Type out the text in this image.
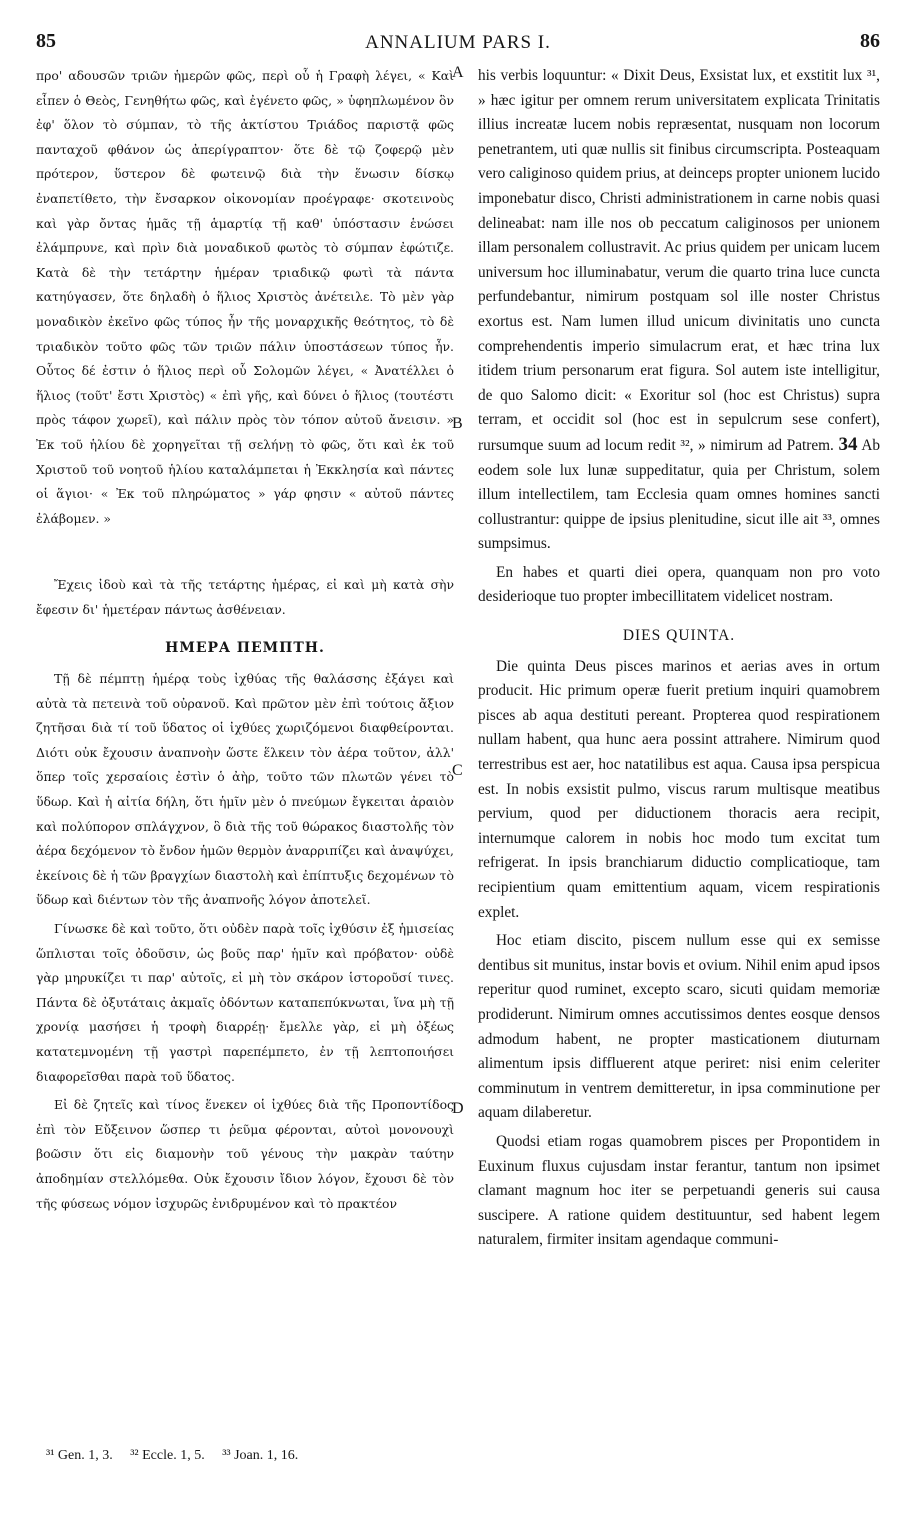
85	ANNALIUM PARS I.	86

προ' αδουσῶν τριῶν ἡμερῶν φῶς, περὶ οὗ ἡ Γραφὴ λέγει, « Καὶ εἶπεν ὁ Θεὸς, Γενηθήτω φῶς, καὶ ἐγένετο φῶς, » ὑφηπλωμένον ὃν ἐφ' ὅλον τὸ σύμπαν, τὸ τῆς ἀκτίστου Τριάδος παριστᾷ φῶς πανταχοῦ φθάνον ὡς ἀπερίγραπτον· ὅτε δὲ τῷ ζοφερῷ μὲν πρότερον, ὕστερον δὲ φωτεινῷ διὰ τὴν ἕνωσιν δίσκῳ ἐναπετίθετο, τὴν ἔνσαρκον οἰκονομίαν προέγραφε· σκοτεινοὺς καὶ γὰρ ὄντας ἡμᾶς τῇ ἁμαρτίᾳ τῇ καθ' ὑπόστασιν ἑνώσει ἐλάμπρυνε, καὶ πρὶν διὰ μοναδικοῦ φωτὸς τὸ σύμπαν ἐφώτιζε. Κατὰ δὲ τὴν τετάρτην ἡμέραν τριαδικῷ φωτὶ τὰ πάντα κατηύγασεν, ὅτε δηλαδὴ ὁ ἥλιος Χριστὸς ἀνέτειλε. Τὸ μὲν γὰρ μοναδικὸν ἐκεῖνο φῶς τύπος ἦν τῆς μοναρχικῆς θεότητος, τὸ δὲ τριαδικὸν τοῦτο φῶς τῶν τριῶν πάλιν ὑποστάσεων τύπος ἦν. Οὗτος δέ ἐστιν ὁ ἥλιος περὶ οὗ Σολομῶν λέγει, « Ἀνατέλλει ὁ ἥλιος (τοῦτ' ἔστι Χριστὸς) « ἐπὶ γῆς, καὶ δύνει ὁ ἥλιος (τουτέστι πρὸς τάφον χωρεῖ), καὶ πάλιν πρὸς τὸν τόπον αὐτοῦ ἄνεισιν. » Ἐκ τοῦ ἡλίου δὲ χορηγεῖται τῇ σελήνῃ τὸ φῶς, ὅτι καὶ ἐκ τοῦ Χριστοῦ τοῦ νοητοῦ ἡλίου καταλάμπεται ἡ Ἐκκλησία καὶ πάντες οἱ ἅγιοι· « Ἐκ τοῦ πληρώματος » γάρ φησιν « αὐτοῦ πάντες ἐλάβομεν. »

Ἔχεις ἰδοὺ καὶ τὰ τῆς τετάρτης ἡμέρας, εἰ καὶ μὴ κατὰ σὴν ἔφεσιν δι' ἡμετέραν πάντως ἀσθένειαν.

ΗΜΕΡΑ ΠΕΜΠΤΗ.

Τῇ δὲ πέμπτῃ ἡμέρᾳ τοὺς ἰχθύας τῆς θαλάσσης ἐξάγει καὶ αὐτὰ τὰ πετεινὰ τοῦ οὐρανοῦ. Καὶ πρῶτον μὲν ἐπὶ τούτοις ἄξιον ζητῆσαι διὰ τί τοῦ ὕδατος οἱ ἰχθύες χωριζόμενοι διαφθείρονται. Διότι οὐκ ἔχουσιν ἀναπνοὴν ὥστε ἕλκειν τὸν ἀέρα τοῦτον, ἀλλ' ὅπερ τοῖς χερσαίοις ἐστὶν ὁ ἀὴρ, τοῦτο τῶν πλωτῶν γένει τὸ ὕδωρ. Καὶ ἡ αἰτία δήλη, ὅτι ἡμῖν μὲν ὁ πνεύμων ἔγκειται ἀραιὸν καὶ πολύπορον σπλάγχνον, ὃ διὰ τῆς τοῦ θώρακος διαστολῆς τὸν ἀέρα δεχόμενον τὸ ἔνδον ἡμῶν θερμὸν ἀναρριπίζει καὶ ἀναψύχει, ἐκείνοις δὲ ἡ τῶν βραγχίων διαστολὴ καὶ ἐπίπτυξις δεχομένων τὸ ὕδωρ καὶ διέντων τὸν τῆς ἀναπνοῆς λόγον ἀποτελεῖ.

Γίνωσκε δὲ καὶ τοῦτο, ὅτι οὐδὲν παρὰ τοῖς ἰχθύσιν ἐξ ἡμισείας ὥπλισται τοῖς ὀδοῦσιν, ὡς βοῦς παρ' ἡμῖν καὶ πρόβατον· οὐδὲ γὰρ μηρυκίζει τι παρ' αὐτοῖς, εἰ μὴ τὸν σκάρον ἱστοροῦσί τινες. Πάντα δὲ ὀξυτάταις ἀκμαῖς ὀδόντων καταπεπύκνωται, ἵνα μὴ τῇ χρονίᾳ μασήσει ἡ τροφὴ διαρρέῃ· ἔμελλε γὰρ, εἰ μὴ ὀξέως κατατεμνομένη τῇ γαστρὶ παρεπέμπετο, ἐν τῇ λεπτοποιήσει διαφορεῖσθαι παρὰ τοῦ ὕδατος.

Εἰ δὲ ζητεῖς καὶ τίνος ἕνεκεν οἱ ἰχθύες διὰ τῆς Προποντίδος ἐπὶ τὸν Εὔξεινον ὥσπερ τι ῥεῦμα φέρονται, αὐτοὶ μονονουχὶ βοῶσιν ὅτι εἰς διαμονὴν τοῦ γένους τὴν μακρὰν ταύτην ἀποδημίαν στελλόμεθα. Οὐκ ἔχουσιν ἴδιον λόγον, ἔχουσι δὲ τὸν τῆς φύσεως νόμον ἰσχυρῶς ἐνιδρυμένον καὶ τὸ πρακτέον

A
B
C
D

his verbis loquuntur: « Dixit Deus, Exsistat lux, et exstitit lux ³¹, » hæc igitur per omnem rerum universitatem explicata Trinitatis illius increatæ lucem nobis repræsentat, nusquam non locorum penetrantem, uti quæ nullis sit finibus circumscripta. Posteaquam vero caliginoso quidem prius, at deinceps propter unionem lucido imponebatur disco, Christi administrationem in carne nobis quasi delineabat: nam ille nos ob peccatum caliginosos per unionem illam personalem collustravit. Ac prius quidem per unicam lucem universum hoc illuminabatur, verum die quarto trina luce cuncta perfundebantur, nimirum postquam sol ille noster Christus exortus est. Nam lumen illud unicum divinitatis uno cuncta comprehendentis imperio simulacrum erat, et hæc trina lux itidem trium personarum erat figura. Sol autem iste intelligitur, de quo Salomo dicit: « Exoritur sol (hoc est Christus) supra terram, et occidit sol (hoc est in sepulcrum sese confert), rursumque suum ad locum redit ³², » nimirum ad Patrem. 34 Ab eodem sole lux lunæ suppeditatur, quia per Christum, solem illum intellectilem, tam Ecclesia quam omnes homines sancti collustrantur: quippe de ipsius plenitudine, sicut ille ait ³³, omnes sumpsimus.

En habes et quarti diei opera, quanquam non pro voto desiderioque tuo propter imbecillitatem videlicet nostram.

DIES QUINTA.

Die quinta Deus pisces marinos et aerias aves in ortum producit. Hic primum operæ fuerit pretium inquiri quamobrem pisces ab aqua destituti pereant. Propterea quod respirationem nullam habent, qua hunc aera possint attrahere. Nimirum quod terrestribus est aer, hoc natatilibus est aqua. Causa ipsa perspicua est. In nobis exsistit pulmo, viscus rarum multisque meatibus pervium, quod per diductionem thoracis aera recipit, internumque calorem in nobis hoc modo tum excitat tum refrigerat. In ipsis branchiarum diductio complicatioque, tam recipientium quam emittentium aquam, vicem respirationis explet.

Hoc etiam discito, piscem nullum esse qui ex semisse dentibus sit munitus, instar bovis et ovium. Nihil enim apud ipsos reperitur quod ruminet, excepto scaro, sicuti quidam memoriæ prodiderunt. Nimirum omnes accutissimos dentes eosque densos admodum habent, ne propter masticationem diuturnam alimentum ipsis diffluerent atque periret: nisi enim celeriter comminutum in ventrem demitteretur, in ipsa comminutione per aquam dilaberetur.

Quodsi etiam rogas quamobrem pisces per Propontidem in Euxinum fluxus cujusdam instar ferantur, tantum non ipsimet clamant magnum hoc iter se perpetuandi generis sui causa suscipere. A ratione quidem destituuntur, sed habent legem naturalem, firmiter insitam agendaque communi-

³¹ Gen. 1, 3. ³² Eccle. 1, 5. ³³ Joan. 1, 16.
